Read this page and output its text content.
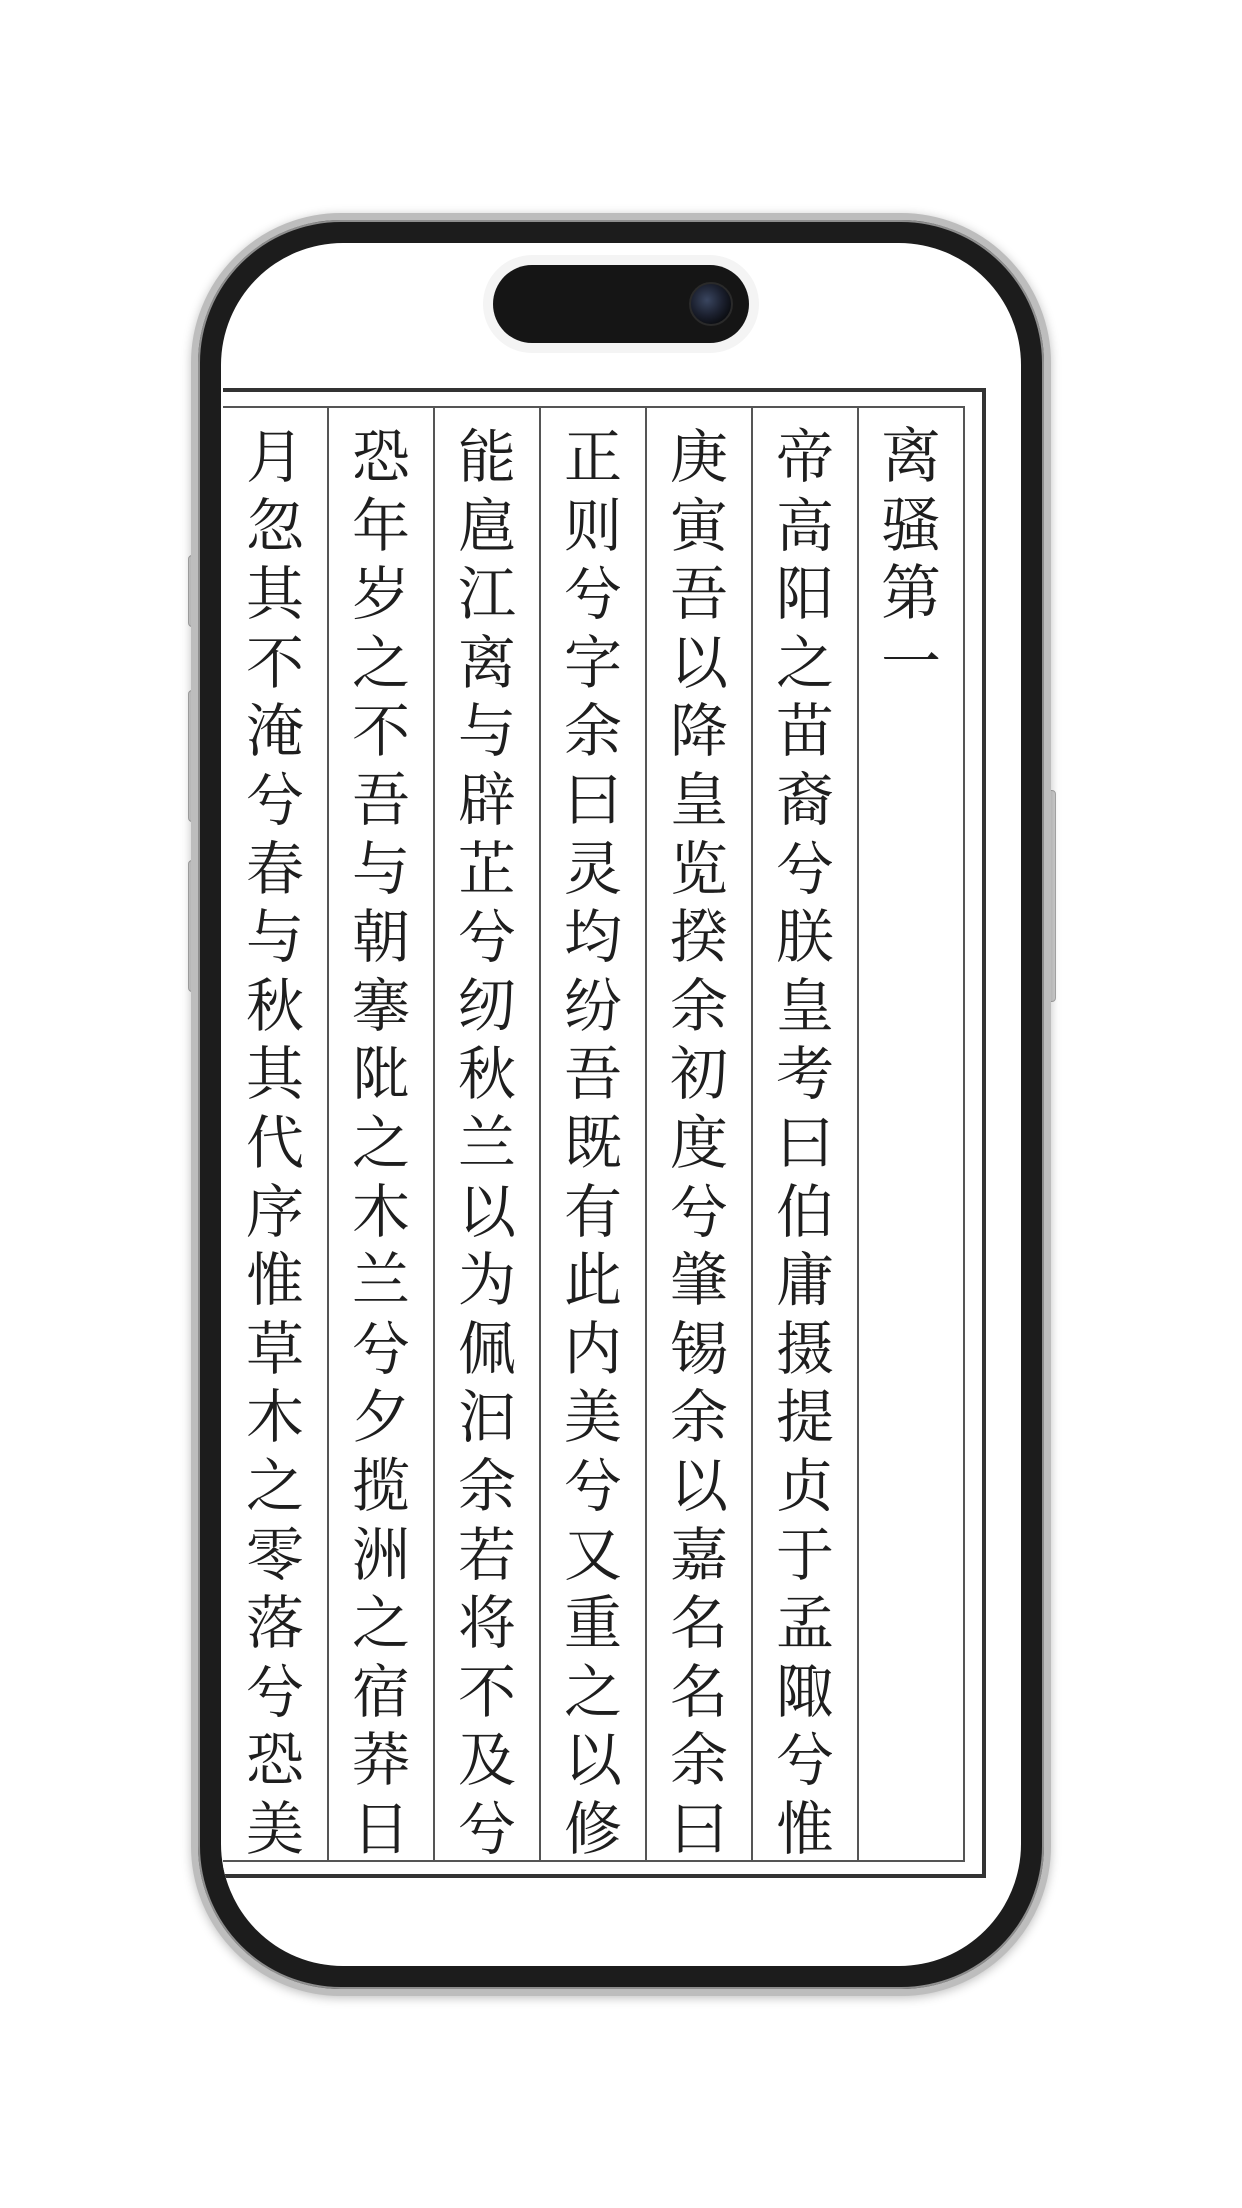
离
骚
第
一
帝
高
阳
之
苗
裔
兮
朕
皇
考
曰
伯
庸
摄
提
贞
于
孟
陬
兮
惟
庚
寅
吾
以
降
皇
览
揆
余
初
度
兮
肇
锡
余
以
嘉
名
名
余
曰
正
则
兮
字
余
曰
灵
均
纷
吾
既
有
此
内
美
兮
又
重
之
以
修
能
扈
江
离
与
辟
芷
兮
纫
秋
兰
以
为
佩
汩
余
若
将
不
及
兮
恐
年
岁
之
不
吾
与
朝
搴
阰
之
木
兰
兮
夕
揽
洲
之
宿
莽
日
月
忽
其
不
淹
兮
春
与
秋
其
代
序
惟
草
木
之
零
落
兮
恐
美
